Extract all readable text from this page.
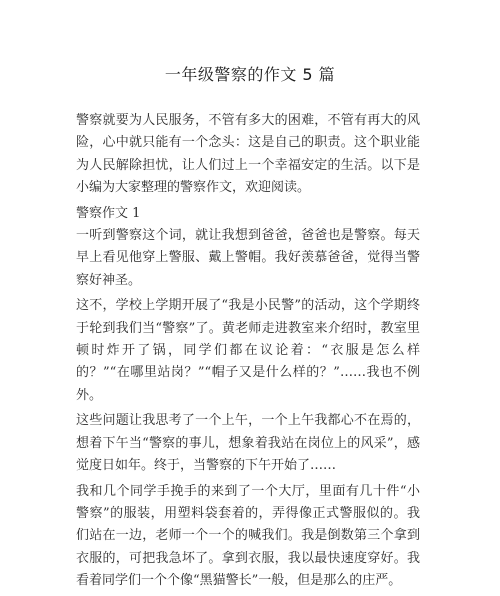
一年级警察的作文 5 篇

警察就要为人民服务，不管有多大的困难，不管有再大的风险，心中就只能有一个念头：这是自己的职责。这个职业能为人民解除担忧，让人们过上一个幸福安定的生活。以下是小编为大家整理的警察作文，欢迎阅读。

警察作文 1

一听到警察这个词，就让我想到爸爸，爸爸也是警察。每天早上看见他穿上警服、戴上警帽。我好羡慕爸爸，觉得当警察好神圣。

这不，学校上学期开展了“我是小民警”的活动，这个学期终于轮到我们当“警察”了。黄老师走进教室来介绍时，教室里顿时炸开了锅，同学们都在议论着：“衣服是怎么样的？”“在哪里站岗？”“帽子又是什么样的？”……我也不例外。

这些问题让我思考了一个上午，一个上午我都心不在焉的，想着下午当“警察的事儿，想象着我站在岗位上的风采”，感觉度日如年。终于，当警察的下午开始了……

我和几个同学手挽手的来到了一个大厅，里面有几十件“小警察”的服装，用塑料袋套着的，弄得像正式警服似的。我们站在一边，老师一个一个的喊我们。我是倒数第三个拿到衣服的，可把我急坏了。拿到衣服，我以最快速度穿好。我看着同学们一个个像“黑猫警长”一般，但是那么的庄严。
